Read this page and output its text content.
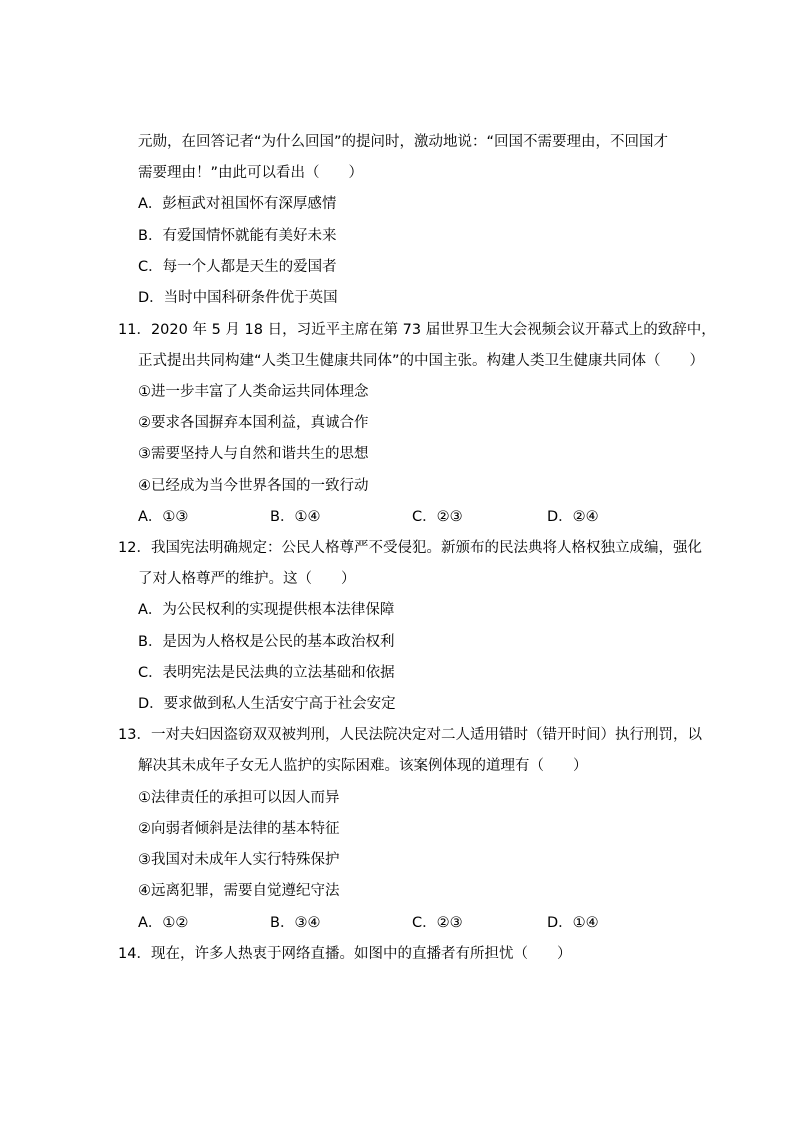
元勋，在回答记者“为什么回国”的提问时，激动地说：“回国不需要理由，不回国才
需要理由！”由此可以看出（　　）
A．彭桓武对祖国怀有深厚感情
B．有爱国情怀就能有美好未来
C．每一个人都是天生的爱国者
D．当时中国科研条件优于英国
11．2020 年 5 月 18 日，习近平主席在第 73 届世界卫生大会视频会议开幕式上的致辞中，
正式提出共同构建“人类卫生健康共同体”的中国主张。构建人类卫生健康共同体（　　）
①进一步丰富了人类命运共同体理念
②要求各国摒弃本国利益，真诚合作
③需要坚持人与自然和谐共生的思想
④已经成为当今世界各国的一致行动
A．①③	B．①④	C．②③	D．②④
12．我国宪法明确规定：公民人格尊严不受侵犯。新颁布的民法典将人格权独立成编，强化
了对人格尊严的维护。这（　　）
A．为公民权利的实现提供根本法律保障
B．是因为人格权是公民的基本政治权利
C．表明宪法是民法典的立法基础和依据
D．要求做到私人生活安宁高于社会安定
13．一对夫妇因盗窃双双被判刑，人民法院决定对二人适用错时（错开时间）执行刑罚，以
解决其未成年子女无人监护的实际困难。该案例体现的道理有（　　）
①法律责任的承担可以因人而异
②向弱者倾斜是法律的基本特征
③我国对未成年人实行特殊保护
④远离犯罪，需要自觉遵纪守法
A．①②	B．③④	C．②③	D．①④
14．现在，许多人热衷于网络直播。如图中的直播者有所担忧（　　）
